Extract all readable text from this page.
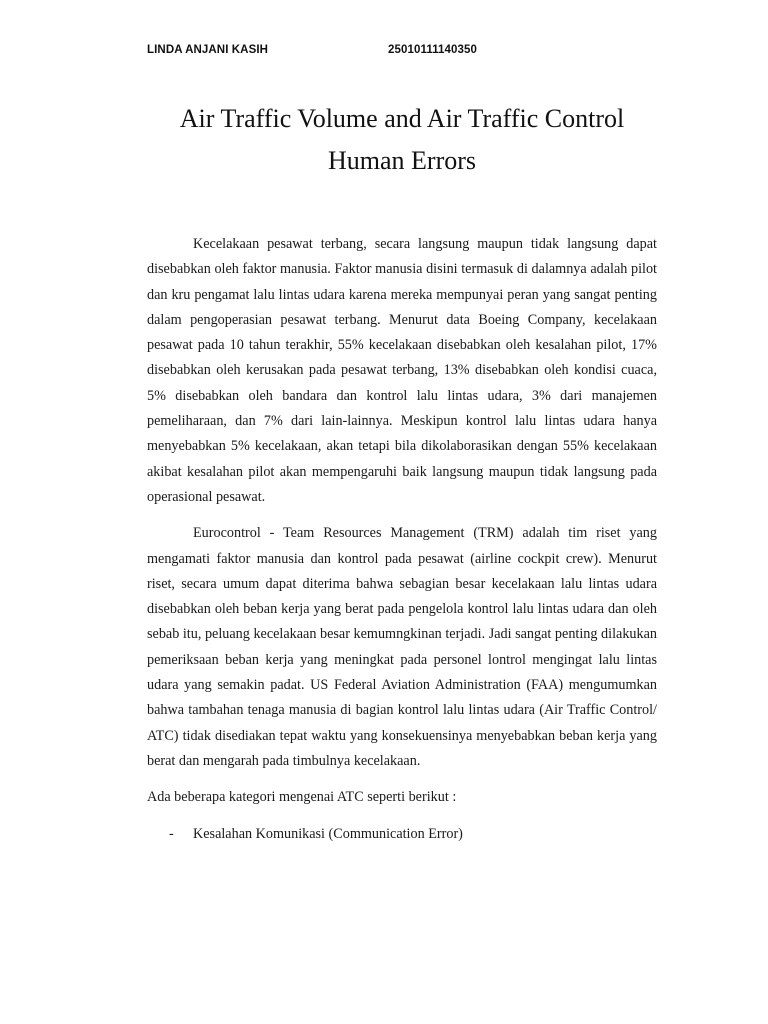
LINDA ANJANI KASIH	25010111140350
Air Traffic Volume and Air Traffic Control
Human Errors

Kecelakaan pesawat terbang, secara langsung maupun tidak langsung dapat disebabkan oleh faktor manusia. Faktor manusia disini termasuk di dalamnya adalah pilot dan kru pengamat lalu lintas udara karena mereka mempunyai peran yang sangat penting dalam pengoperasian pesawat terbang. Menurut data Boeing Company, kecelakaan pesawat pada 10 tahun terakhir, 55% kecelakaan disebabkan oleh kesalahan pilot, 17% disebabkan oleh kerusakan pada pesawat terbang, 13% disebabkan oleh kondisi cuaca, 5% disebabkan oleh bandara dan kontrol lalu lintas udara, 3% dari manajemen pemeliharaan, dan 7% dari lain-lainnya. Meskipun kontrol lalu lintas udara hanya menyebabkan 5% kecelakaan, akan tetapi bila dikolaborasikan dengan 55% kecelakaan akibat kesalahan pilot akan mempengaruhi baik langsung maupun tidak langsung pada operasional pesawat.

Eurocontrol - Team Resources Management (TRM) adalah tim riset yang mengamati faktor manusia dan kontrol pada pesawat (airline cockpit crew). Menurut riset, secara umum dapat diterima bahwa sebagian besar kecelakaan lalu lintas udara disebabkan oleh beban kerja yang berat pada pengelola kontrol lalu lintas udara dan oleh sebab itu, peluang kecelakaan besar kemumngkinan terjadi. Jadi sangat penting dilakukan pemeriksaan beban kerja yang meningkat pada personel lontrol mengingat lalu lintas udara yang semakin padat. US Federal Aviation Administration (FAA) mengumumkan bahwa tambahan tenaga manusia di bagian kontrol lalu lintas udara (Air Traffic Control/ ATC) tidak disediakan tepat waktu yang konsekuensinya menyebabkan beban kerja yang berat dan mengarah pada timbulnya kecelakaan.

Ada beberapa kategori mengenai ATC seperti berikut :

-	Kesalahan Komunikasi (Communication Error)
